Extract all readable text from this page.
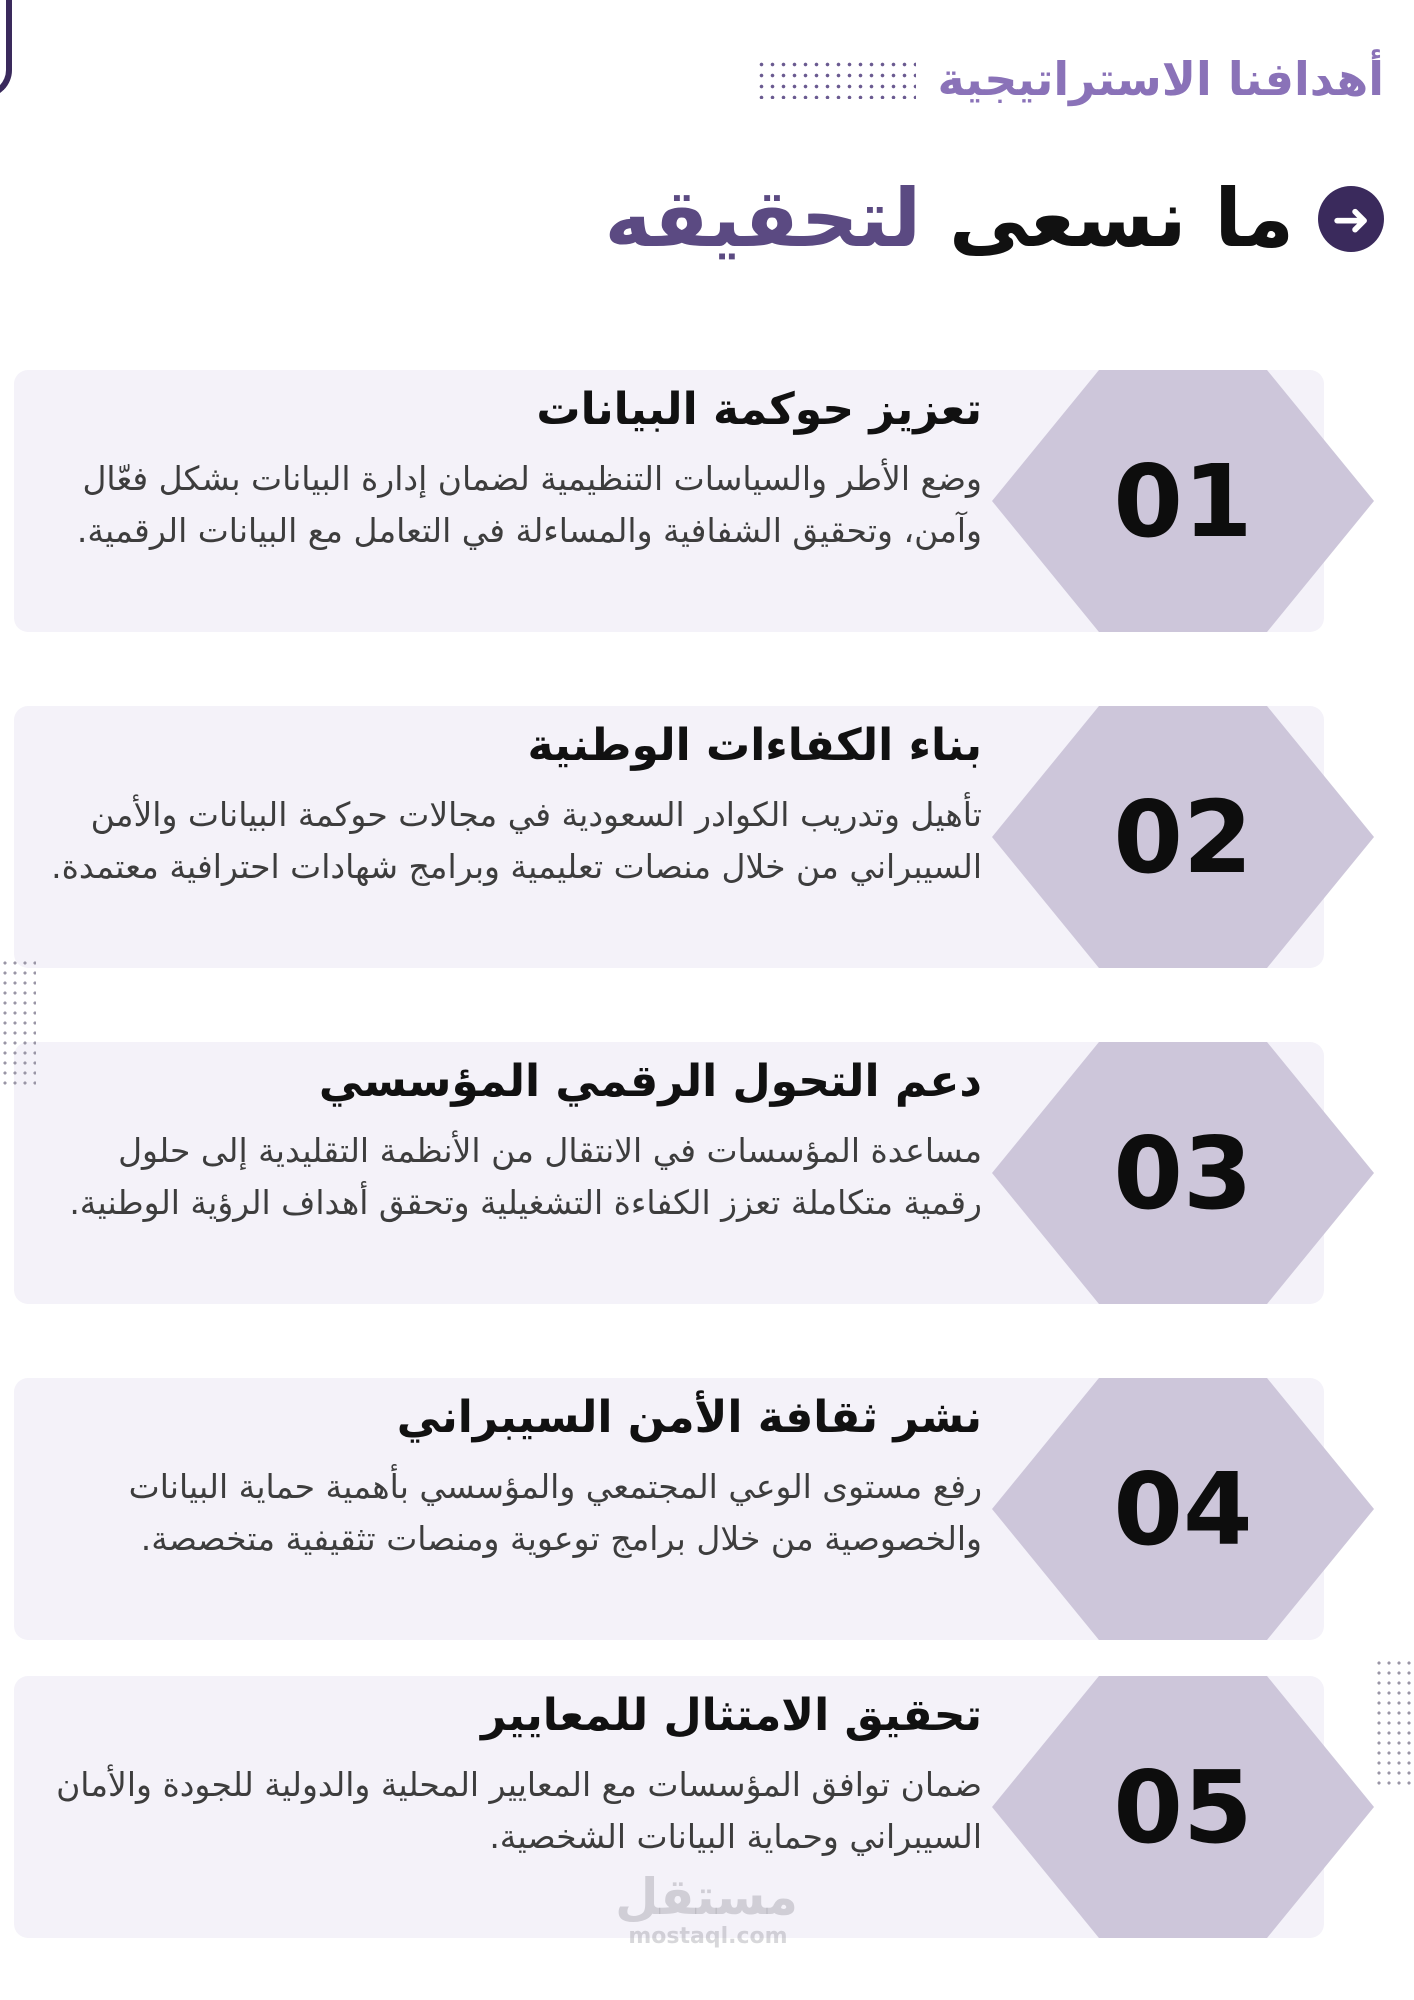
أهدافنا الاستراتيجية
➜
ما نسعى لتحقيقه
01
تعزيز حوكمة البيانات

وضع الأطر والسياسات التنظيمية لضمان إدارة البيانات بشكل فعّال وآمن، وتحقيق الشفافية والمساءلة في التعامل مع البيانات الرقمية.

02
بناء الكفاءات الوطنية

تأهيل وتدريب الكوادر السعودية في مجالات حوكمة البيانات والأمن السيبراني من خلال منصات تعليمية وبرامج شهادات احترافية معتمدة.

03
دعم التحول الرقمي المؤسسي

مساعدة المؤسسات في الانتقال من الأنظمة التقليدية إلى حلول رقمية متكاملة تعزز الكفاءة التشغيلية وتحقق أهداف الرؤية الوطنية.

04
نشر ثقافة الأمن السيبراني

رفع مستوى الوعي المجتمعي والمؤسسي بأهمية حماية البيانات والخصوصية من خلال برامج توعوية ومنصات تثقيفية متخصصة.

05
تحقيق الامتثال للمعايير

ضمان توافق المؤسسات مع المعايير المحلية والدولية للجودة والأمان السيبراني وحماية البيانات الشخصية.

مستقل
mostaql.com
